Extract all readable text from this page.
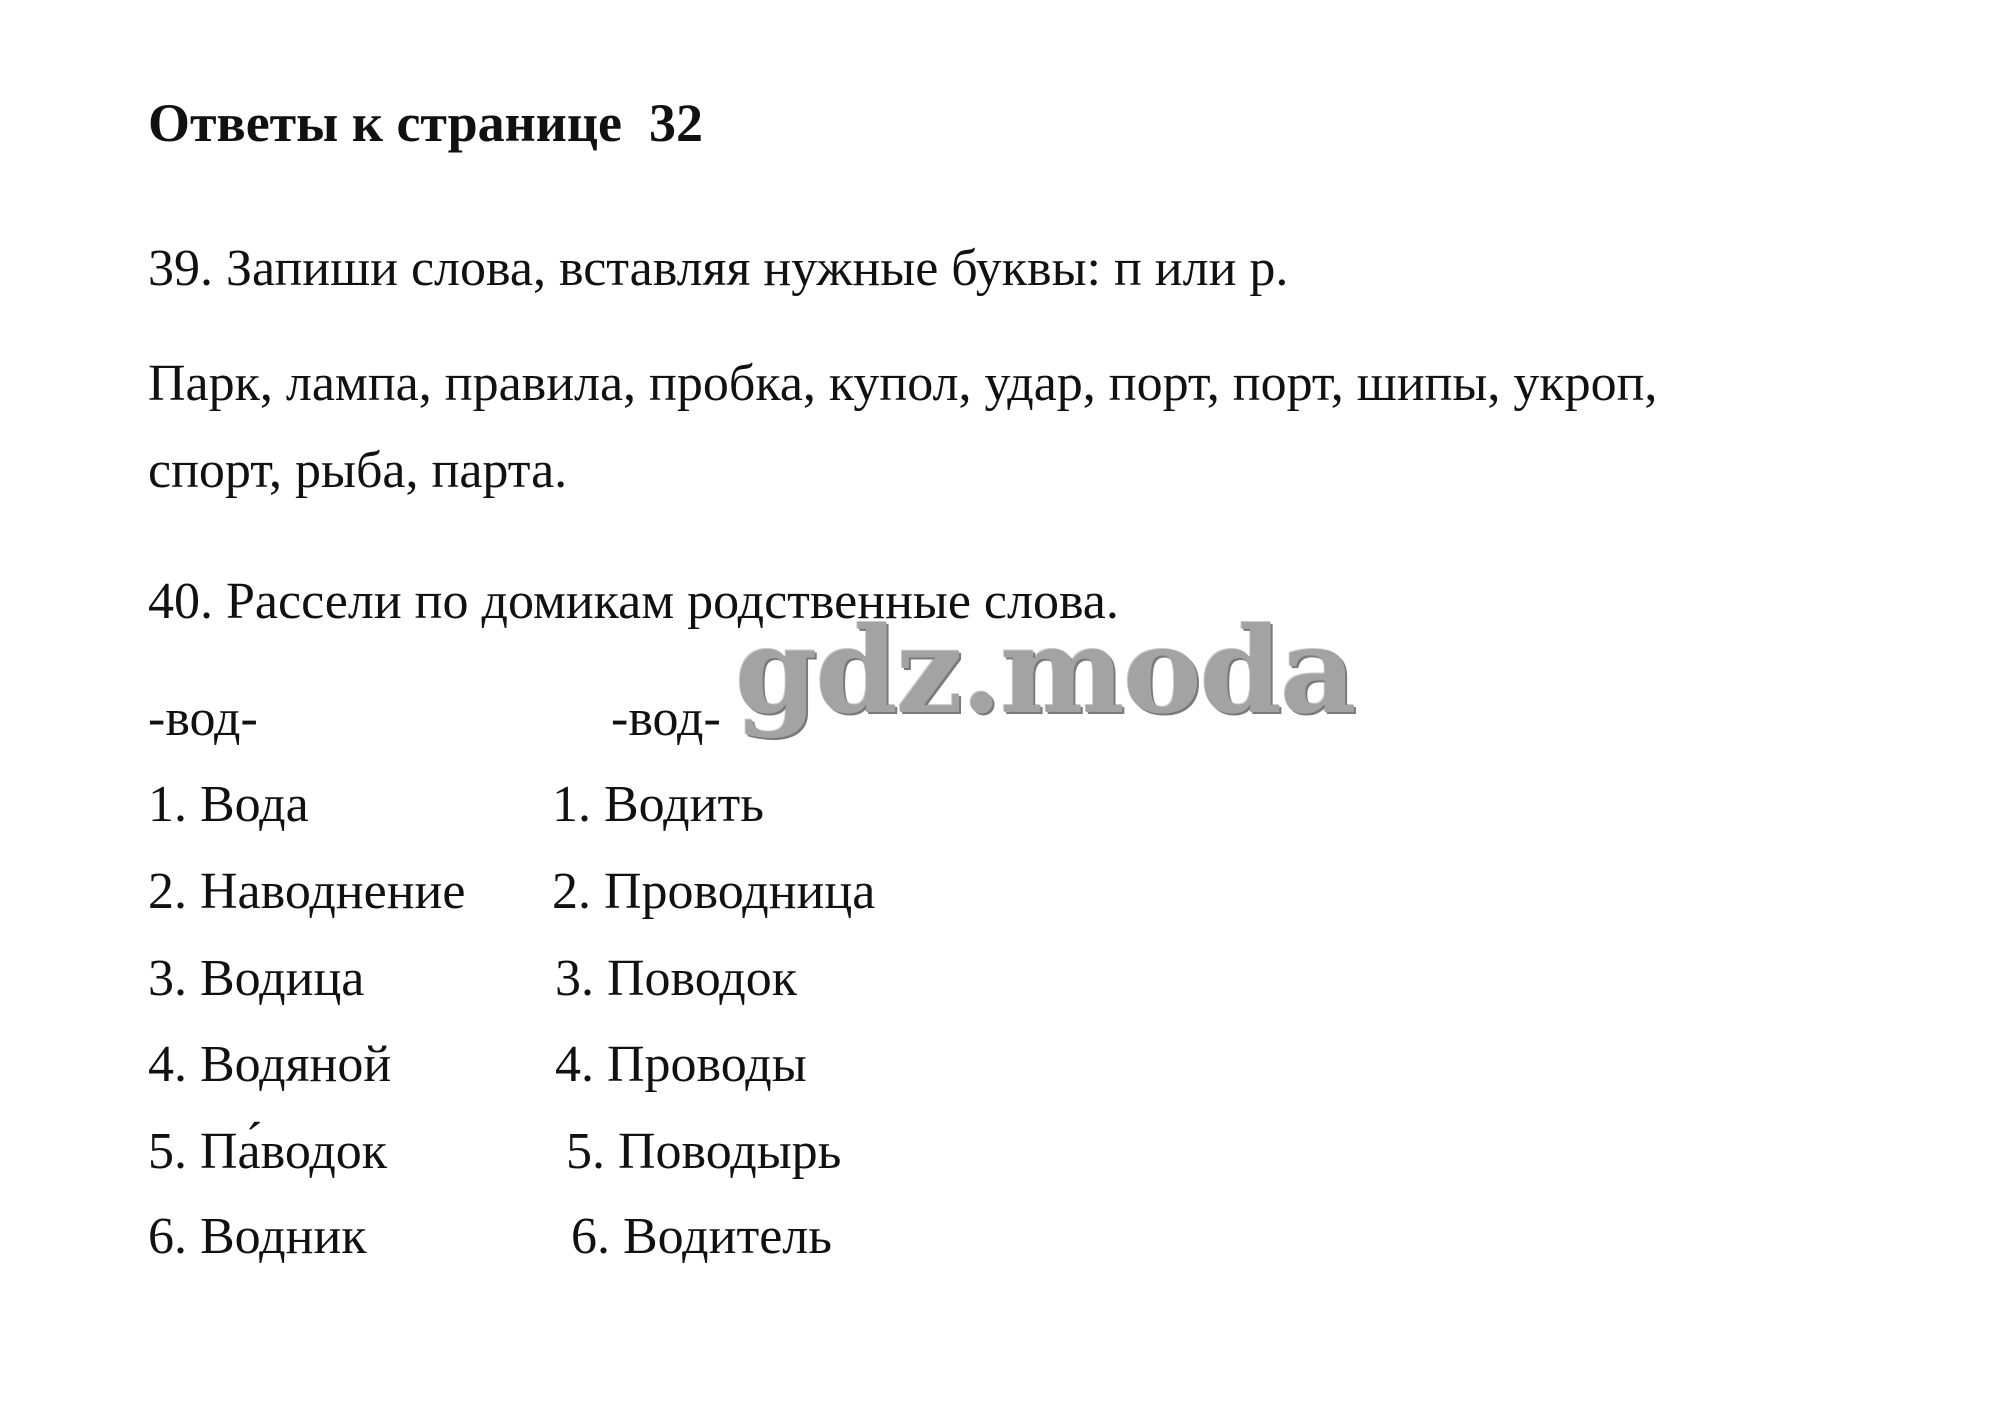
Ответы к странице  32

39. Запиши слова, вставляя нужные буквы: п или р.

Парк, лампа, правила, пробка, купол, удар, порт, порт, шипы, укроп,

спорт, рыба, парта.

40. Рассели по домикам родственные слова.

gdz.moda

-вод-	-вод-

1. Вода

2. Наводнение

3. Водица

4. Водяной

5. Па́водок

6. Водник

1. Водить

2. Проводница

3. Поводок

4. Проводы

5. Поводырь

6. Водитель
